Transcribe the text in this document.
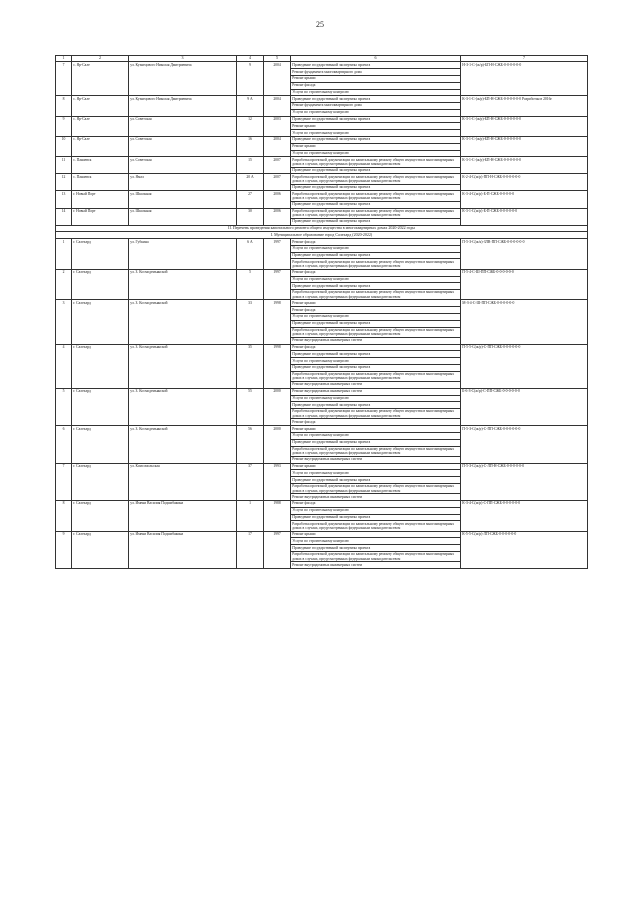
25
1	2	3	4	5	6	7
7	с. Яр-Сале	ул. Кузнецового Николая Дмитриевича	9	2004	Проведение государственной экспертизы проекта	Н-З-1-С-(ж/р)-БП-Н-СЖБ-0-0-0-0-0-0
					Ремонт фундамента многоквартирного дома	
					Ремонт крыши	
					Ремонт фасада	
					Услуги по строительному контролю	
8	с. Яр-Сале	ул. Кузнецового Николая Дмитриевича	9 А	2004	Проведение государственной экспертизы проекта	К-З-1-С-(ж/р)-БП-Н-СЖБ-0-0-0-0-0-0 Разработан в 2016г
					Ремонт фундамента многоквартирного дома	
					Услуги по строительному контролю	
9	с. Яр-Сале	ул. Советская	12	2003	Проведение государственной экспертизы проекта	К-З-1-С-(ж/р)-БП-Н-СЖБ-0-0-0-0-0-0
					Ремонт крыши	
					Услуги по строительному контролю	
10	с. Яр-Сале	ул. Советская	16	2004	Проведение государственной экспертизы проекта	К-З-1-С-(ж/р)-БП-Н-СЖБ-0-0-0-0-0-0
					Ремонт крыши	
					Услуги по строительному контролю	
11	с. Панаевск	ул. Советская	15	2007	Разработка проектной документации по капитальному ремонту общего имущества в многоквартирных домах в случаях, предусмотренных федеральным законодательством	К-3-1-С-(ж/р)-БП-Н-СЖБ-0-0-0-0-0-0
					Проведение государственной экспертизы проекта	
12	с. Панаевск	ул. Ямал	20 А	2007	Разработка проектной документации по капитальному ремонту общего имущества в многоквартирных домах в случаях, предусмотренных федеральным законодательством	К-2-4-С(ж/р)-ПП-Н-СЖБ-0-0-0-0-0-0
					Проведение государственной экспертизы проекта	
13	г. Новый Порт	ул. Школьная	27	2006	Разработка проектной документации по капитальному ремонту общего имущества в многоквартирных домах в случаях, предусмотренных федеральным законодательством	К-3-4-С(ж/р)-Б-П-СЖБ-0-0-0-0-0
					Проведение государственной экспертизы проекта	
14	г. Новый Порт	ул. Школьная	30	2006	Разработка проектной документации по капитальному ремонту общего имущества в многоквартирных домах в случаях, предусмотренных федеральным законодательством	К-3-1-С(ж/р)-Б-П-СЖБ-0-0-0-0-0-0
					Проведение государственной экспертизы проекта	
II. Перечень проведения капитального ремонта общего имущества в многоквартирных домах 2020-2022 годы						
I. Муниципальное образование город Салехард (2020-2022)						
1	г. Салехард	ул. Губкина	6 А	1997	Ремонт фасада	П-5-З-С(ж/к)-ЗЛВ-ПП-СЖБ-0-0-0-0-0-0
					Услуги по строительному контролю	
					Проведение государственной экспертизы проекта	
					Разработка проектной документации по капитальному ремонту общего имущества в многоквартирных домах в случаях, предусмотренных федеральным законодательством	
2	г. Салехард	ул. З. Космодемьянской	5	1997	Ремонт фасада	П-5-4-С-Ш-ПП-СЖБ-0-0-0-0-0-0
					Услуги по строительному контролю	
					Проведение государственной экспертизы проекта	
					Разработка проектной документации по капитальному ремонту общего имущества в многоквартирных домах в случаях, предусмотренных федеральным законодательством	
3	г. Салехард	ул. З. Космодемьянской	33	1998	Ремонт крыши	М-З-4-С-Ш-ПП-СЖБ-0-0-0-0-0-0
					Ремонт фасада	
					Услуги по строительному контролю	
					Проведение государственной экспертизы проекта	
					Разработка проектной документации по капитальному ремонту общего имущества в многоквартирных домах в случаях, предусмотренных федеральным законодательством	
					Ремонт внутридомовых инженерных систем	
4	г. Салехард	ул. З. Космодемьянской	35	1998	Ремонт фасада	П-5-5-С(ж/р)-С-ПП-СЖБ-0-0-0-0-0-0
					Проведение государственной экспертизы проекта	
					Услуги по строительному контролю	
					Проведение государственной экспертизы проекта	
					Разработка проектной документации по капитальному ремонту общего имущества в многоквартирных домах в случаях, предусмотренных федеральным законодательством	
					Ремонт внутридомовых инженерных систем	
5	г. Салехард	ул. З. Космодемьянской	55	2000	Ремонт внутридомовых инженерных систем	Б-6-З-С(ж/р)-С-ПП-СЖБ-0-0-0-0-0-0
					Услуги по строительному контролю	
					Проведение государственной экспертизы проекта	
					Разработка проектной документации по капитальному ремонту общего имущества в многоквартирных домах в случаях, предусмотренных федеральным законодательством	
					Ремонт фасада	
6	г. Салехард	ул. З. Космодемьянской	56	2000	Ремонт крыши	П-5-З-С(ж/р)-С-ПП-СЖБ-0-0-0-0-0-0
					Услуги по строительному контролю	
					Проведение государственной экспертизы проекта	
					Разработка проектной документации по капитальному ремонту общего имущества в многоквартирных домах в случаях, предусмотренных федеральным законодательством	
					Ремонт внутридомовых инженерных систем	
7	г. Салехард	ул. Комсомольская	37	1993	Ремонт крыши	П-5-З-С(ж/р)-С-ЛП-Н-СЖБ-0-0-0-0-0-0
					Услуги по строительному контролю	
					Проведение государственной экспертизы проекта	
					Разработка проектной документации по капитальному ремонту общего имущества в многоквартирных домах в случаях, предусмотренных федеральным законодательством	
					Ремонт внутридомовых инженерных систем	
8	г. Салехард	ул. Имени Василия Подшибякина	1	1988	Ремонт фасада	К-З-4-С(ж/р)-С-ПП-СЖБ-0-0-0-0-0-0
					Услуги по строительному контролю	
					Проведение государственной экспертизы проекта	
					Разработка проектной документации по капитальному ремонту общего имущества в многоквартирных домах в случаях, предусмотренных федеральным законодательством	
9	г. Салехард	ул. Имени Василия Подшибякина	17	1997	Ремонт крыши	К-5-5-С(ж/р)-ЛП-СЖБ-0-0-0-0-0-0
					Услуги по строительному контролю	
					Проведение государственной экспертизы проекта	
					Разработка проектной документации по капитальному ремонту общего имущества в многоквартирных домах в случаях, предусмотренных федеральным законодательством	
					Ремонт внутридомовых инженерных систем	
